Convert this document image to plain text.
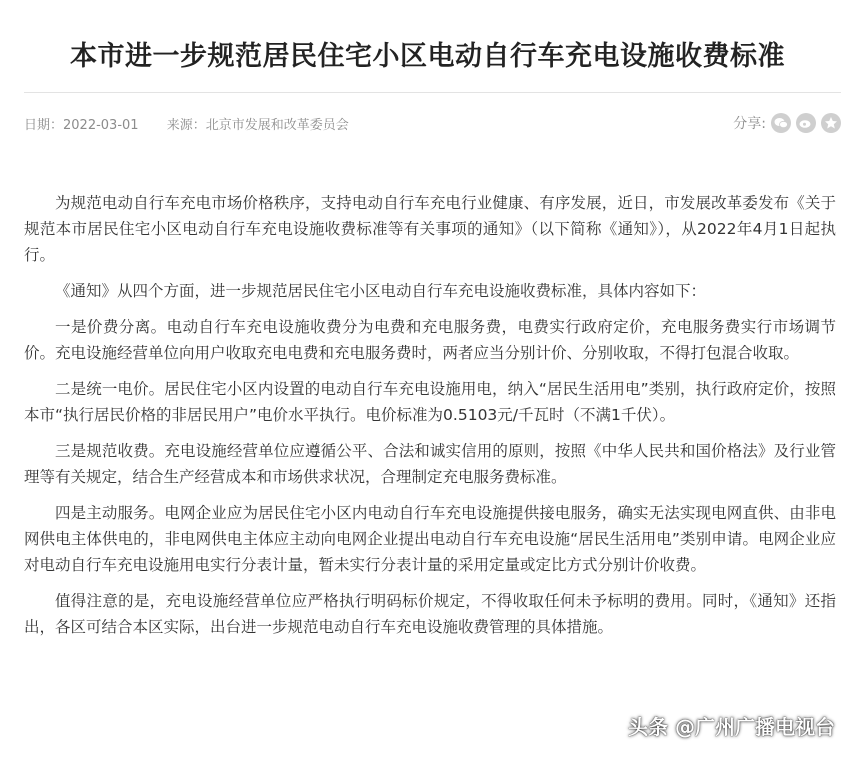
本市进一步规范居民住宅小区电动自行车充电设施收费标准
日期：2022-03-01 来源：北京市发展和改革委员会	分享:

为规范电动自行车充电市场价格秩序，支持电动自行车充电行业健康、有序发展，近日，市发展改革委发布《关于规范本市居民住宅小区电动自行车充电设施收费标准等有关事项的通知》（以下简称《通知》），从2022年4月1日起执行。

《通知》从四个方面，进一步规范居民住宅小区电动自行车充电设施收费标准，具体内容如下：

一是价费分离。电动自行车充电设施收费分为电费和充电服务费，电费实行政府定价，充电服务费实行市场调节价。充电设施经营单位向用户收取充电电费和充电服务费时，两者应当分别计价、分别收取，不得打包混合收取。

二是统一电价。居民住宅小区内设置的电动自行车充电设施用电，纳入“居民生活用电”类别，执行政府定价，按照本市“执行居民价格的非居民用户”电价水平执行。电价标准为0.5103元/千瓦时（不满1千伏）。

三是规范收费。充电设施经营单位应遵循公平、合法和诚实信用的原则，按照《中华人民共和国价格法》及行业管理等有关规定，结合生产经营成本和市场供求状况，合理制定充电服务费标准。

四是主动服务。电网企业应为居民住宅小区内电动自行车充电设施提供接电服务，确实无法实现电网直供、由非电网供电主体供电的，非电网供电主体应主动向电网企业提出电动自行车充电设施“居民生活用电”类别申请。电网企业应对电动自行车充电设施用电实行分表计量，暂未实行分表计量的采用定量或定比方式分别计价收费。

值得注意的是，充电设施经营单位应严格执行明码标价规定，不得收取任何未予标明的费用。同时，《通知》还指出，各区可结合本区实际，出台进一步规范电动自行车充电设施收费管理的具体措施。

头条 @广州广播电视台
